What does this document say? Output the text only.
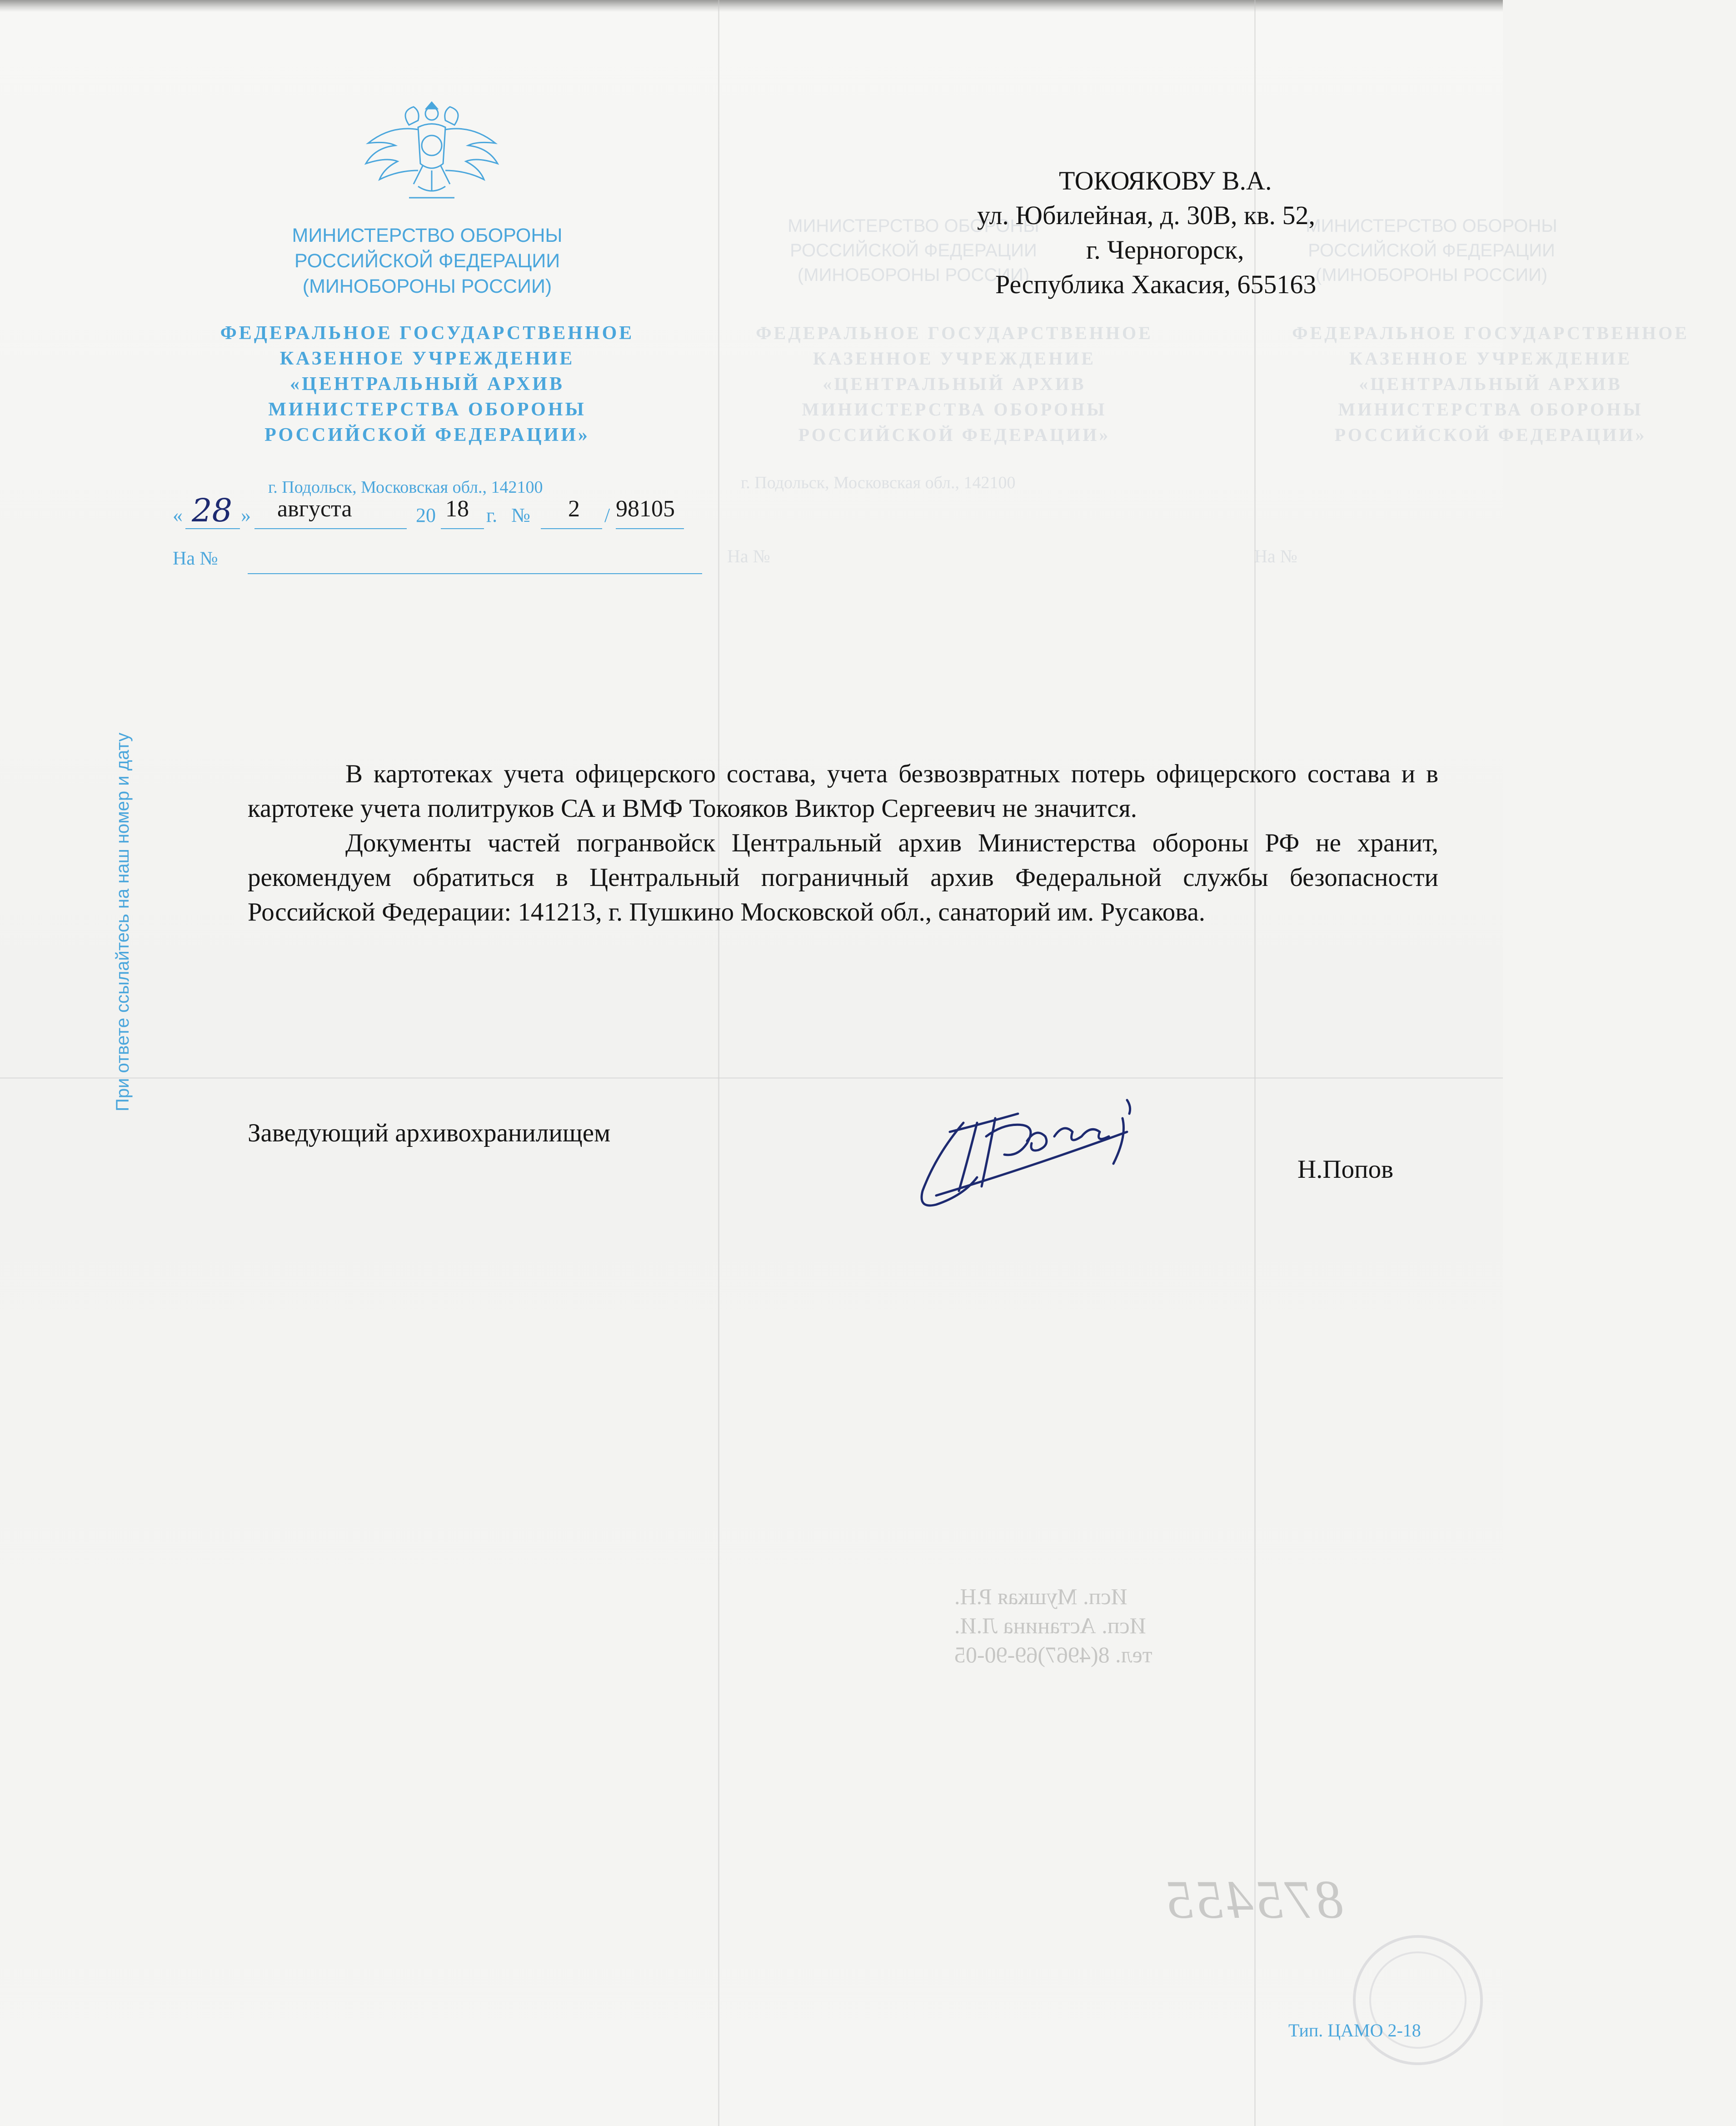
МИНИСТЕРСТВО ОБОРОНЫ
РОССИЙСКОЙ ФЕДЕРАЦИИ
(МИНОБОРОНЫ РОССИИ)
ФЕДЕРАЛЬНОЕ ГОСУДАРСТВЕННОЕ
КАЗЕННОЕ УЧРЕЖДЕНИЕ
«ЦЕНТРАЛЬНЫЙ АРХИВ
МИНИСТЕРСТВА ОБОРОНЫ
РОССИЙСКОЙ ФЕДЕРАЦИИ»
МИНИСТЕРСТВО ОБОРОНЫ
РОССИЙСКОЙ ФЕДЕРАЦИИ
(МИНОБОРОНЫ РОССИИ)
ФЕДЕРАЛЬНОЕ ГОСУДАРСТВЕННОЕ
КАЗЕННОЕ УЧРЕЖДЕНИЕ
«ЦЕНТРАЛЬНЫЙ АРХИВ
МИНИСТЕРСТВА ОБОРОНЫ
РОССИЙСКОЙ ФЕДЕРАЦИИ»
г. Подольск, Московская обл., 142100
На №	На №
МИНИСТЕРСТВО ОБОРОНЫ
РОССИЙСКОЙ ФЕДЕРАЦИИ
(МИНОБОРОНЫ РОССИИ)
ФЕДЕРАЛЬНОЕ ГОСУДАРСТВЕННОЕ
КАЗЕННОЕ УЧРЕЖДЕНИЕ
«ЦЕНТРАЛЬНЫЙ АРХИВ
МИНИСТЕРСТВА ОБОРОНЫ
РОССИЙСКОЙ ФЕДЕРАЦИИ»
г. Подольск, Московская обл., 142100
« 28 » августа	20 18 г. № 2 / 98105
На №
При ответе ссылайтесь на наш номер и дату
ТОКОЯКОВУ В.А.
ул. Юбилейная, д. 30В, кв. 52,
г. Черногорск,
Республика Хакасия, 655163

В картотеках учета офицерского состава, учета безвозвратных потерь офицерского состава и в картотеке учета политруков СА и ВМФ Токояков Виктор Сергеевич не значится.

Документы частей погранвойск Центральный архив Министерства обороны РФ не хранит, рекомендуем обратиться в Центральный пограничный архив Федеральной службы безопасности Российской Федерации: 141213, г. Пушкино Московской обл., санаторий им. Русакова.

Заведующий архивохранилищем
Н.Попов
Исп. Мушкая Р.Н.
Исп. Астанина Л.И.
тел. 8(4967)69-90-05
875455
Тип. ЦАМО 2-18
